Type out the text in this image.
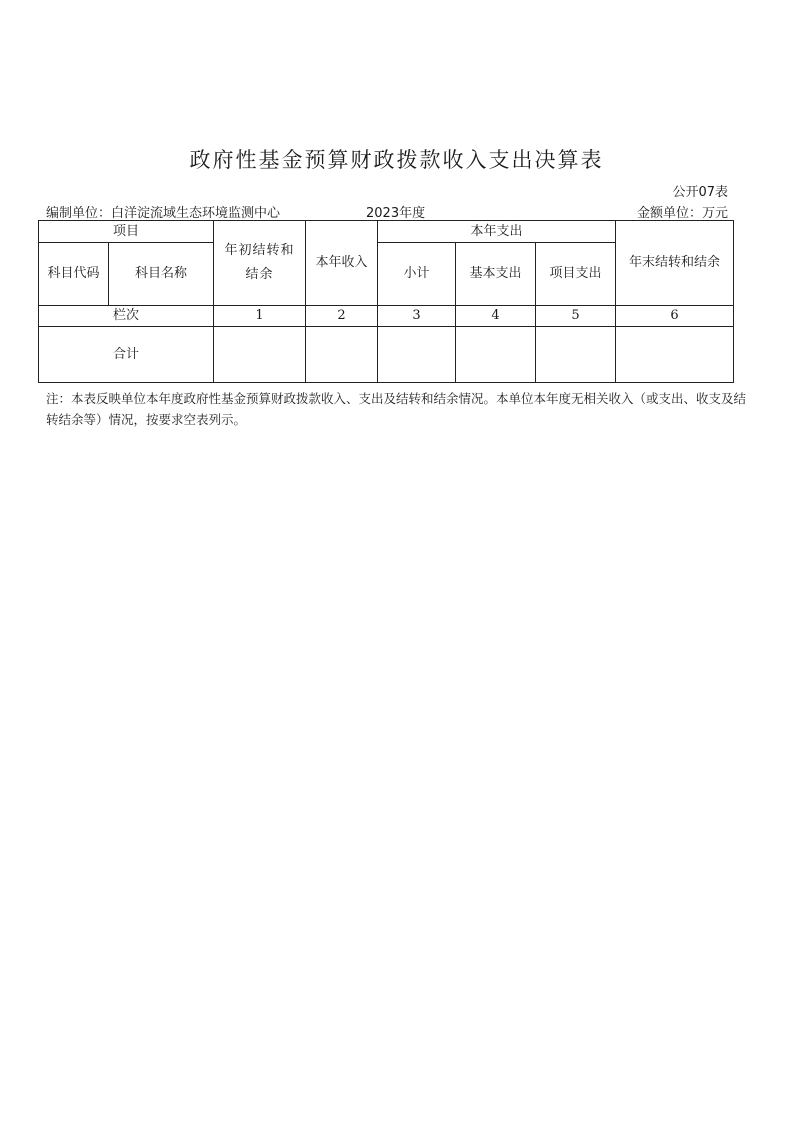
政府性基金预算财政拨款收入支出决算表
公开07表
编制单位：白洋淀流域生态环境监测中心	2023年度	金额单位：万元
项目		年初结转和结余	本年收入	本年支出			年末结转和结余
科目代码	科目名称			小计	基本支出	项目支出	
栏次		1	2	3	4	5	6
合计							
注：本表反映单位本年度政府性基金预算财政拨款收入、支出及结转和结余情况。本单位本年度无相关收入（或支出、收支及结转结余等）情况，按要求空表列示。
